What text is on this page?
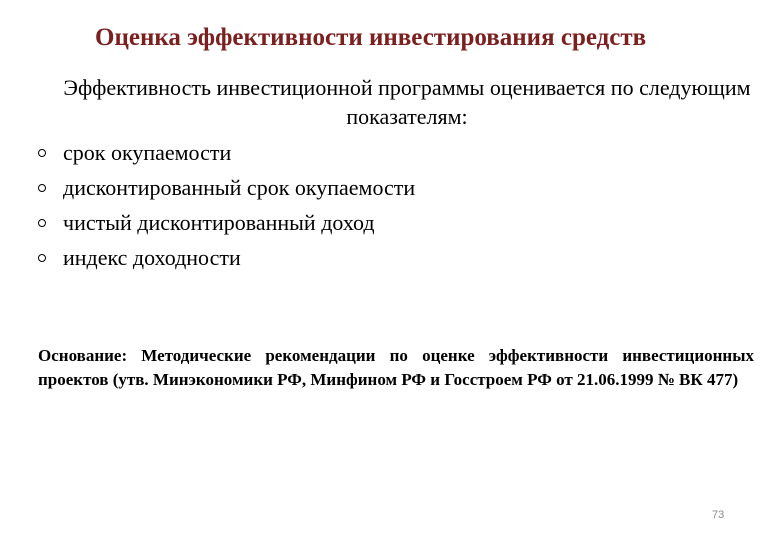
Оценка эффективности инвестирования средств
Эффективность инвестиционной программы оценивается по следующим показателям:
срок окупаемости
дисконтированный срок окупаемости
чистый дисконтированный доход
индекс доходности
Основание: Методические рекомендации по оценке эффективности инвестиционных проектов (утв. Минэкономики РФ, Минфином РФ и Госстроем РФ от 21.06.1999 № ВК 477)
73
